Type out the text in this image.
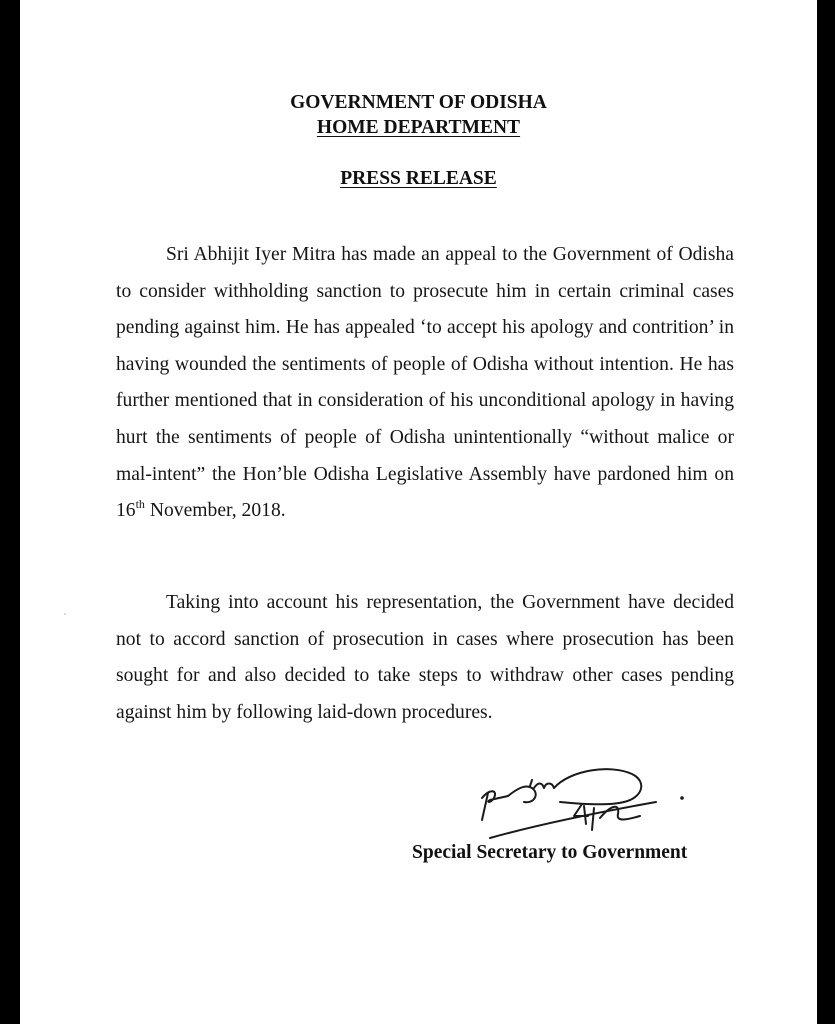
GOVERNMENT OF ODISHA
HOME DEPARTMENT
PRESS RELEASE
Sri Abhijit Iyer Mitra has made an appeal to the Government of Odisha to consider withholding sanction to prosecute him in certain criminal cases pending against him. He has appealed ‘to accept his apology and contrition’ in having wounded the sentiments of people of Odisha without intention. He has further mentioned that in consideration of his unconditional apology in having hurt the sentiments of people of Odisha unintentionally “without malice or mal-intent” the Hon’ble Odisha Legislative Assembly have pardoned him on 16th November, 2018.
Taking into account his representation, the Government have decided not to accord sanction of prosecution in cases where prosecution has been sought for and also decided to take steps to withdraw other cases pending against him by following laid-down procedures.
Special Secretary to Government
